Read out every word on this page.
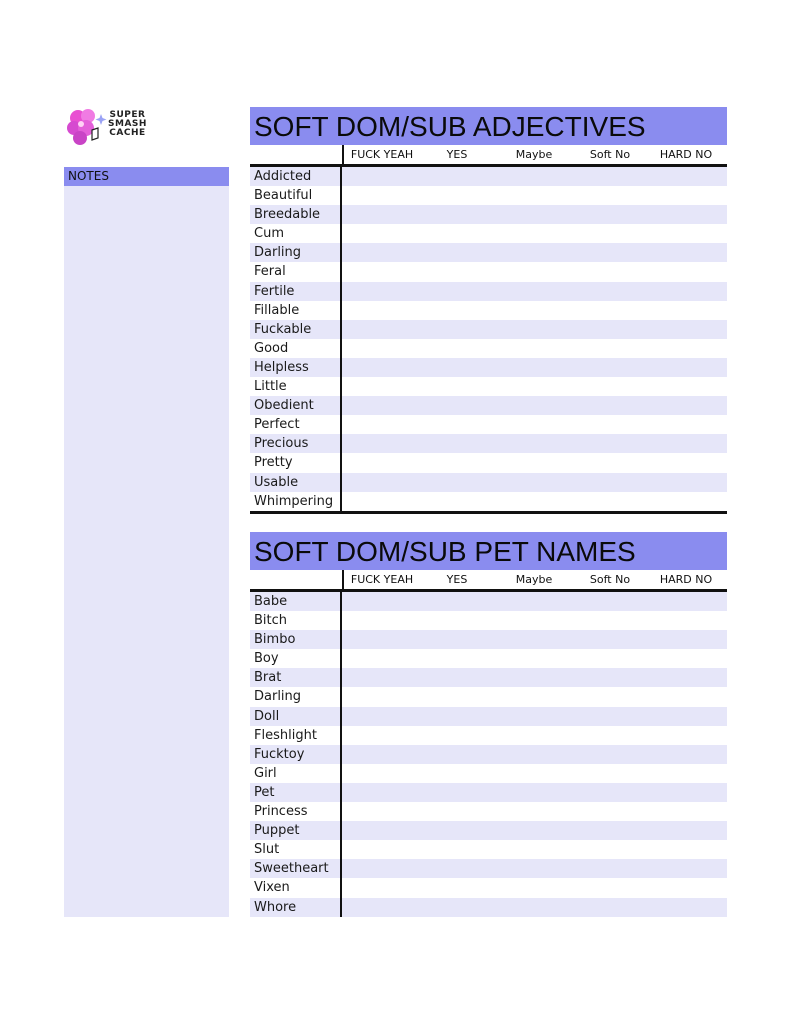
SUPER
SMASH
CACHE
NOTES
SOFT DOM/SUB ADJECTIVES
FUCK YEAH	YES	Maybe	Soft No	HARD NO
Addicted
Beautiful
Breedable
Cum
Darling
Feral
Fertile
Fillable
Fuckable
Good
Helpless
Little
Obedient
Perfect
Precious
Pretty
Usable
Whimpering
SOFT DOM/SUB PET NAMES
FUCK YEAH	YES	Maybe	Soft No	HARD NO
Babe
Bitch
Bimbo
Boy
Brat
Darling
Doll
Fleshlight
Fucktoy
Girl
Pet
Princess
Puppet
Slut
Sweetheart
Vixen
Whore
